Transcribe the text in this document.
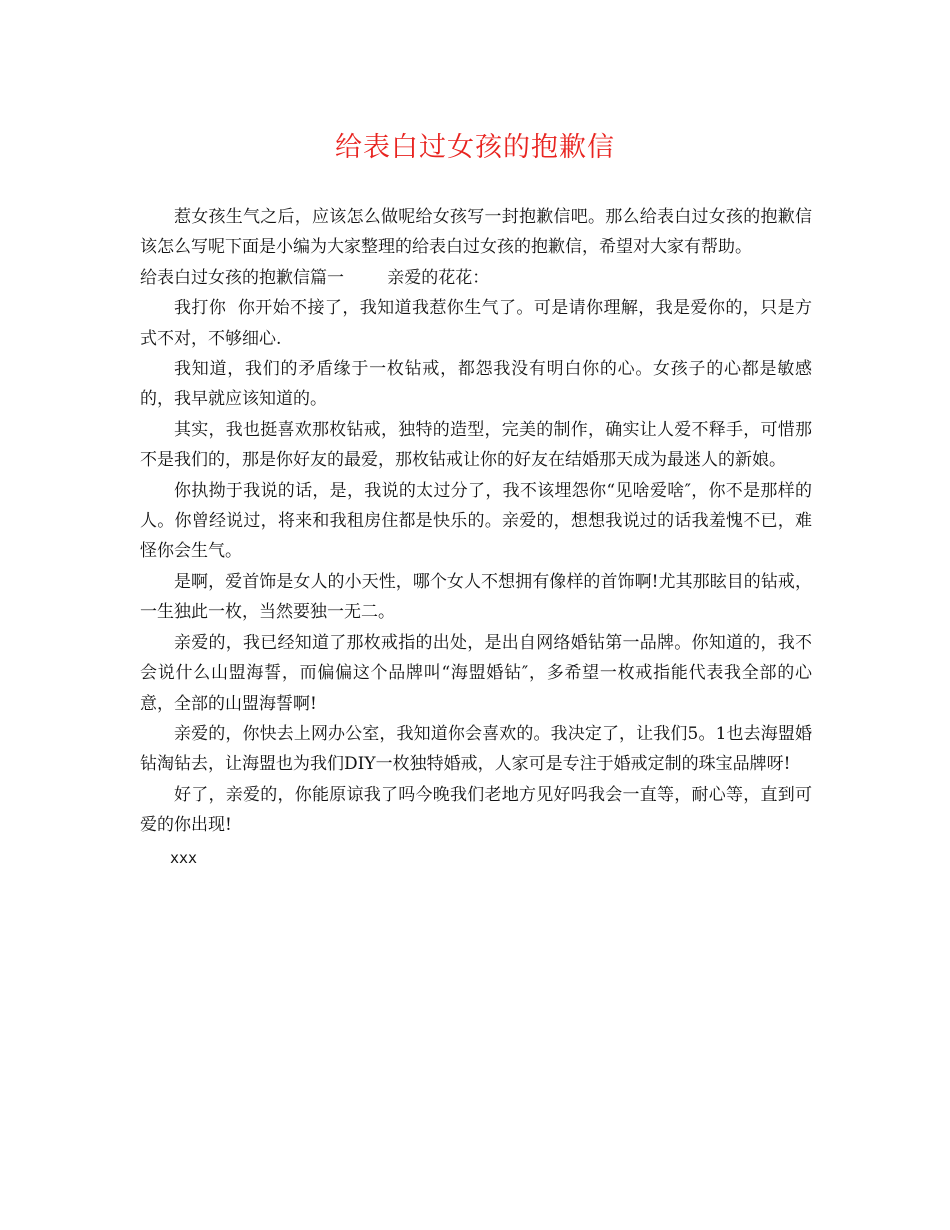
给表白过女孩的抱歉信

惹女孩生气之后，应该怎么做呢给女孩写一封抱歉信吧。那么给表白过女孩的抱歉信该怎么写呢下面是小编为大家整理的给表白过女孩的抱歉信，希望对大家有帮助。

给表白过女孩的抱歉信篇一	亲爱的花花：

我打你  你开始不接了，我知道我惹你生气了。可是请你理解，我是爱你的，只是方式不对，不够细心.

我知道，我们的矛盾缘于一枚钻戒，都怨我没有明白你的心。女孩子的心都是敏感的，我早就应该知道的。

其实，我也挺喜欢那枚钻戒，独特的造型，完美的制作，确实让人爱不释手，可惜那不是我们的，那是你好友的最爱，那枚钻戒让你的好友在结婚那天成为最迷人的新娘。

你执拗于我说的话，是，我说的太过分了，我不该埋怨你“见啥爱啥″，你不是那样的人。你曾经说过，将来和我租房住都是快乐的。亲爱的，想想我说过的话我羞愧不已，难怪你会生气。

是啊，爱首饰是女人的小天性，哪个女人不想拥有像样的首饰啊!尤其那眩目的钻戒，一生独此一枚，当然要独一无二。

亲爱的，我已经知道了那枚戒指的出处，是出自网络婚钻第一品牌。你知道的，我不会说什么山盟海誓，而偏偏这个品牌叫“海盟婚钻″，多希望一枚戒指能代表我全部的心意，全部的山盟海誓啊!

亲爱的，你快去上网办公室，我知道你会喜欢的。我决定了，让我们5。1也去海盟婚钻淘钻去，让海盟也为我们DIY一枚独特婚戒，人家可是专注于婚戒定制的珠宝品牌呀!

好了，亲爱的，你能原谅我了吗今晚我们老地方见好吗我会一直等，耐心等，直到可爱的你出现!

xxx
